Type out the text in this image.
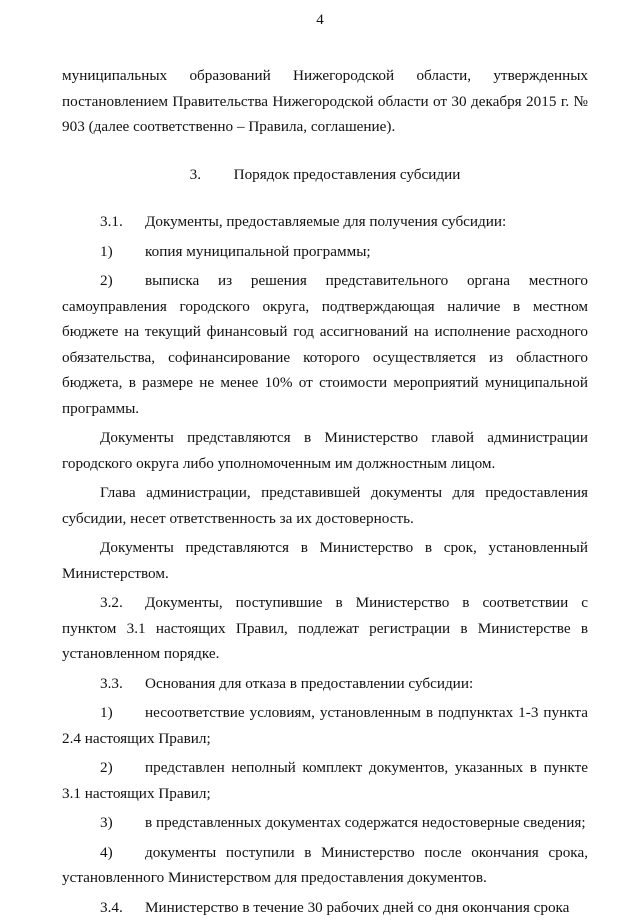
4

муниципальных образований Нижегородской области, утвержденных постановлением Правительства Нижегородской области от 30 декабря 2015 г. № 903 (далее соответственно – Правила, соглашение).

3. Порядок предоставления субсидии

3.1.	Документы, предоставляемые для получения субсидии:

1)	копия муниципальной программы;

2)	выписка из решения представительного органа местного самоуправления городского округа, подтверждающая наличие в местном бюджете на текущий финансовый год ассигнований на исполнение расходного обязательства, софинансирование которого осуществляется из областного бюджета, в размере не менее 10% от стоимости мероприятий муниципальной программы.

Документы представляются в Министерство главой администрации городского округа либо уполномоченным им должностным лицом.

Глава администрации, представившей документы для предоставления субсидии, несет ответственность за их достоверность.

Документы представляются в Министерство в срок, установленный Министерством.

3.2.	Документы, поступившие в Министерство в соответствии с пунктом 3.1 настоящих Правил, подлежат регистрации в Министерстве в установленном порядке.

3.3.	Основания для отказа в предоставлении субсидии:

1)	несоответствие условиям, установленным в подпунктах 1-3 пункта 2.4 настоящих Правил;

2)	представлен неполный комплект документов, указанных в пункте 3.1 настоящих Правил;

3)	в представленных документах содержатся недостоверные сведения;

4)	документы поступили в Министерство после окончания срока, установленного Министерством для предоставления документов.

3.4.	Министерство в течение 30 рабочих дней со дня окончания срока
